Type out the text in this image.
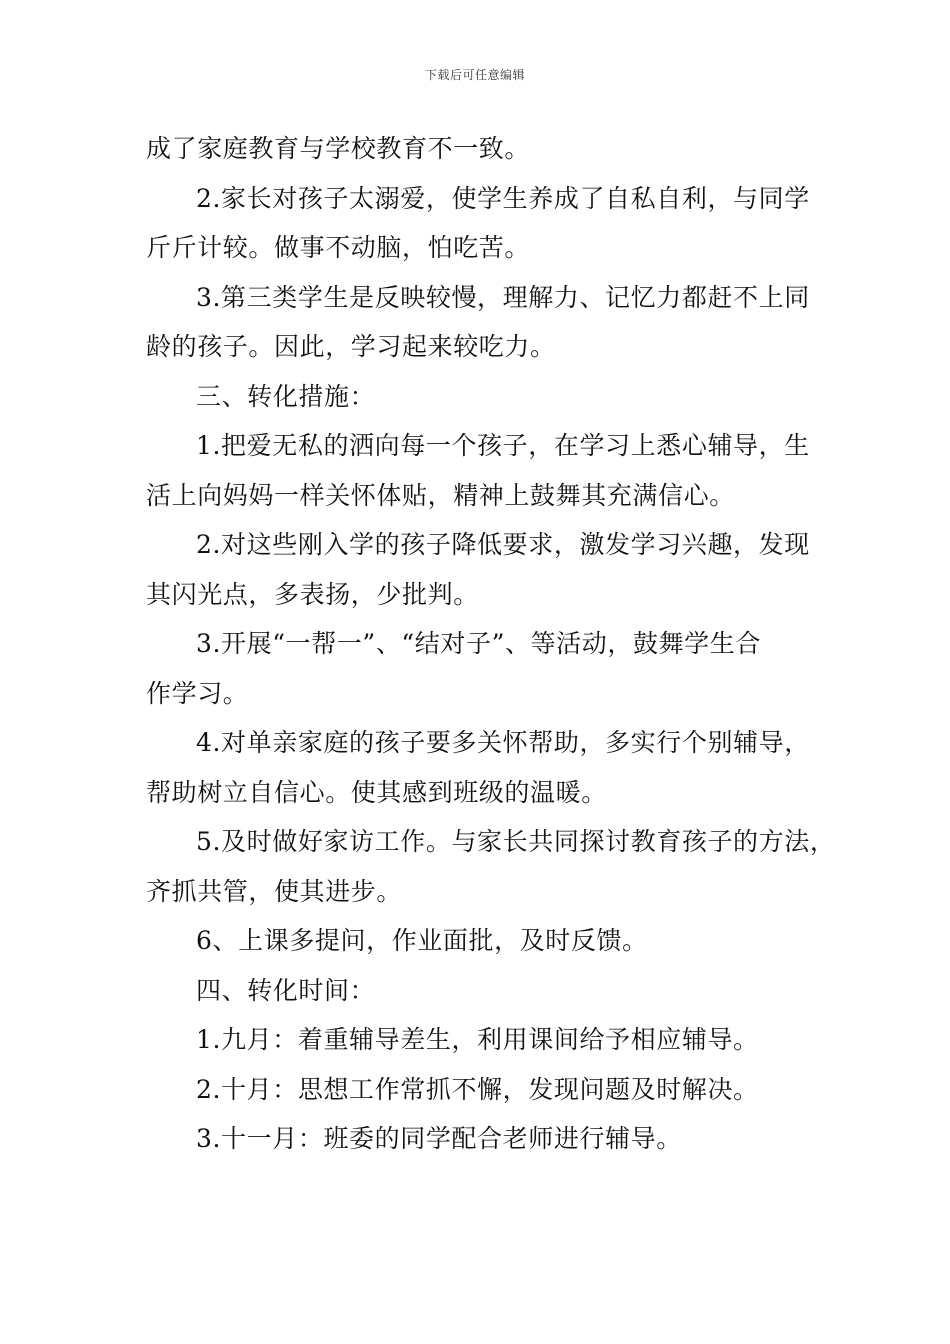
下载后可任意编辑

成了家庭教育与学校教育不一致。

2.家长对孩子太溺爱，使学生养成了自私自利，与同学

斤斤计较。做事不动脑，怕吃苦。

3.第三类学生是反映较慢，理解力、记忆力都赶不上同

龄的孩子。因此，学习起来较吃力。

三、转化措施：

1.把爱无私的洒向每一个孩子，在学习上悉心辅导，生

活上向妈妈一样关怀体贴，精神上鼓舞其充满信心。

2.对这些刚入学的孩子降低要求，激发学习兴趣，发现

其闪光点，多表扬，少批判。

3.开展“一帮一”、“结对子”、等活动，鼓舞学生合

作学习。

4.对单亲家庭的孩子要多关怀帮助，多实行个别辅导，

帮助树立自信心。使其感到班级的温暖。

5.及时做好家访工作。与家长共同探讨教育孩子的方法，

齐抓共管，使其进步。

6、上课多提问，作业面批，及时反馈。

四、转化时间：

1.九月：着重辅导差生，利用课间给予相应辅导。

2.十月：思想工作常抓不懈，发现问题及时解决。

3.十一月：班委的同学配合老师进行辅导。
